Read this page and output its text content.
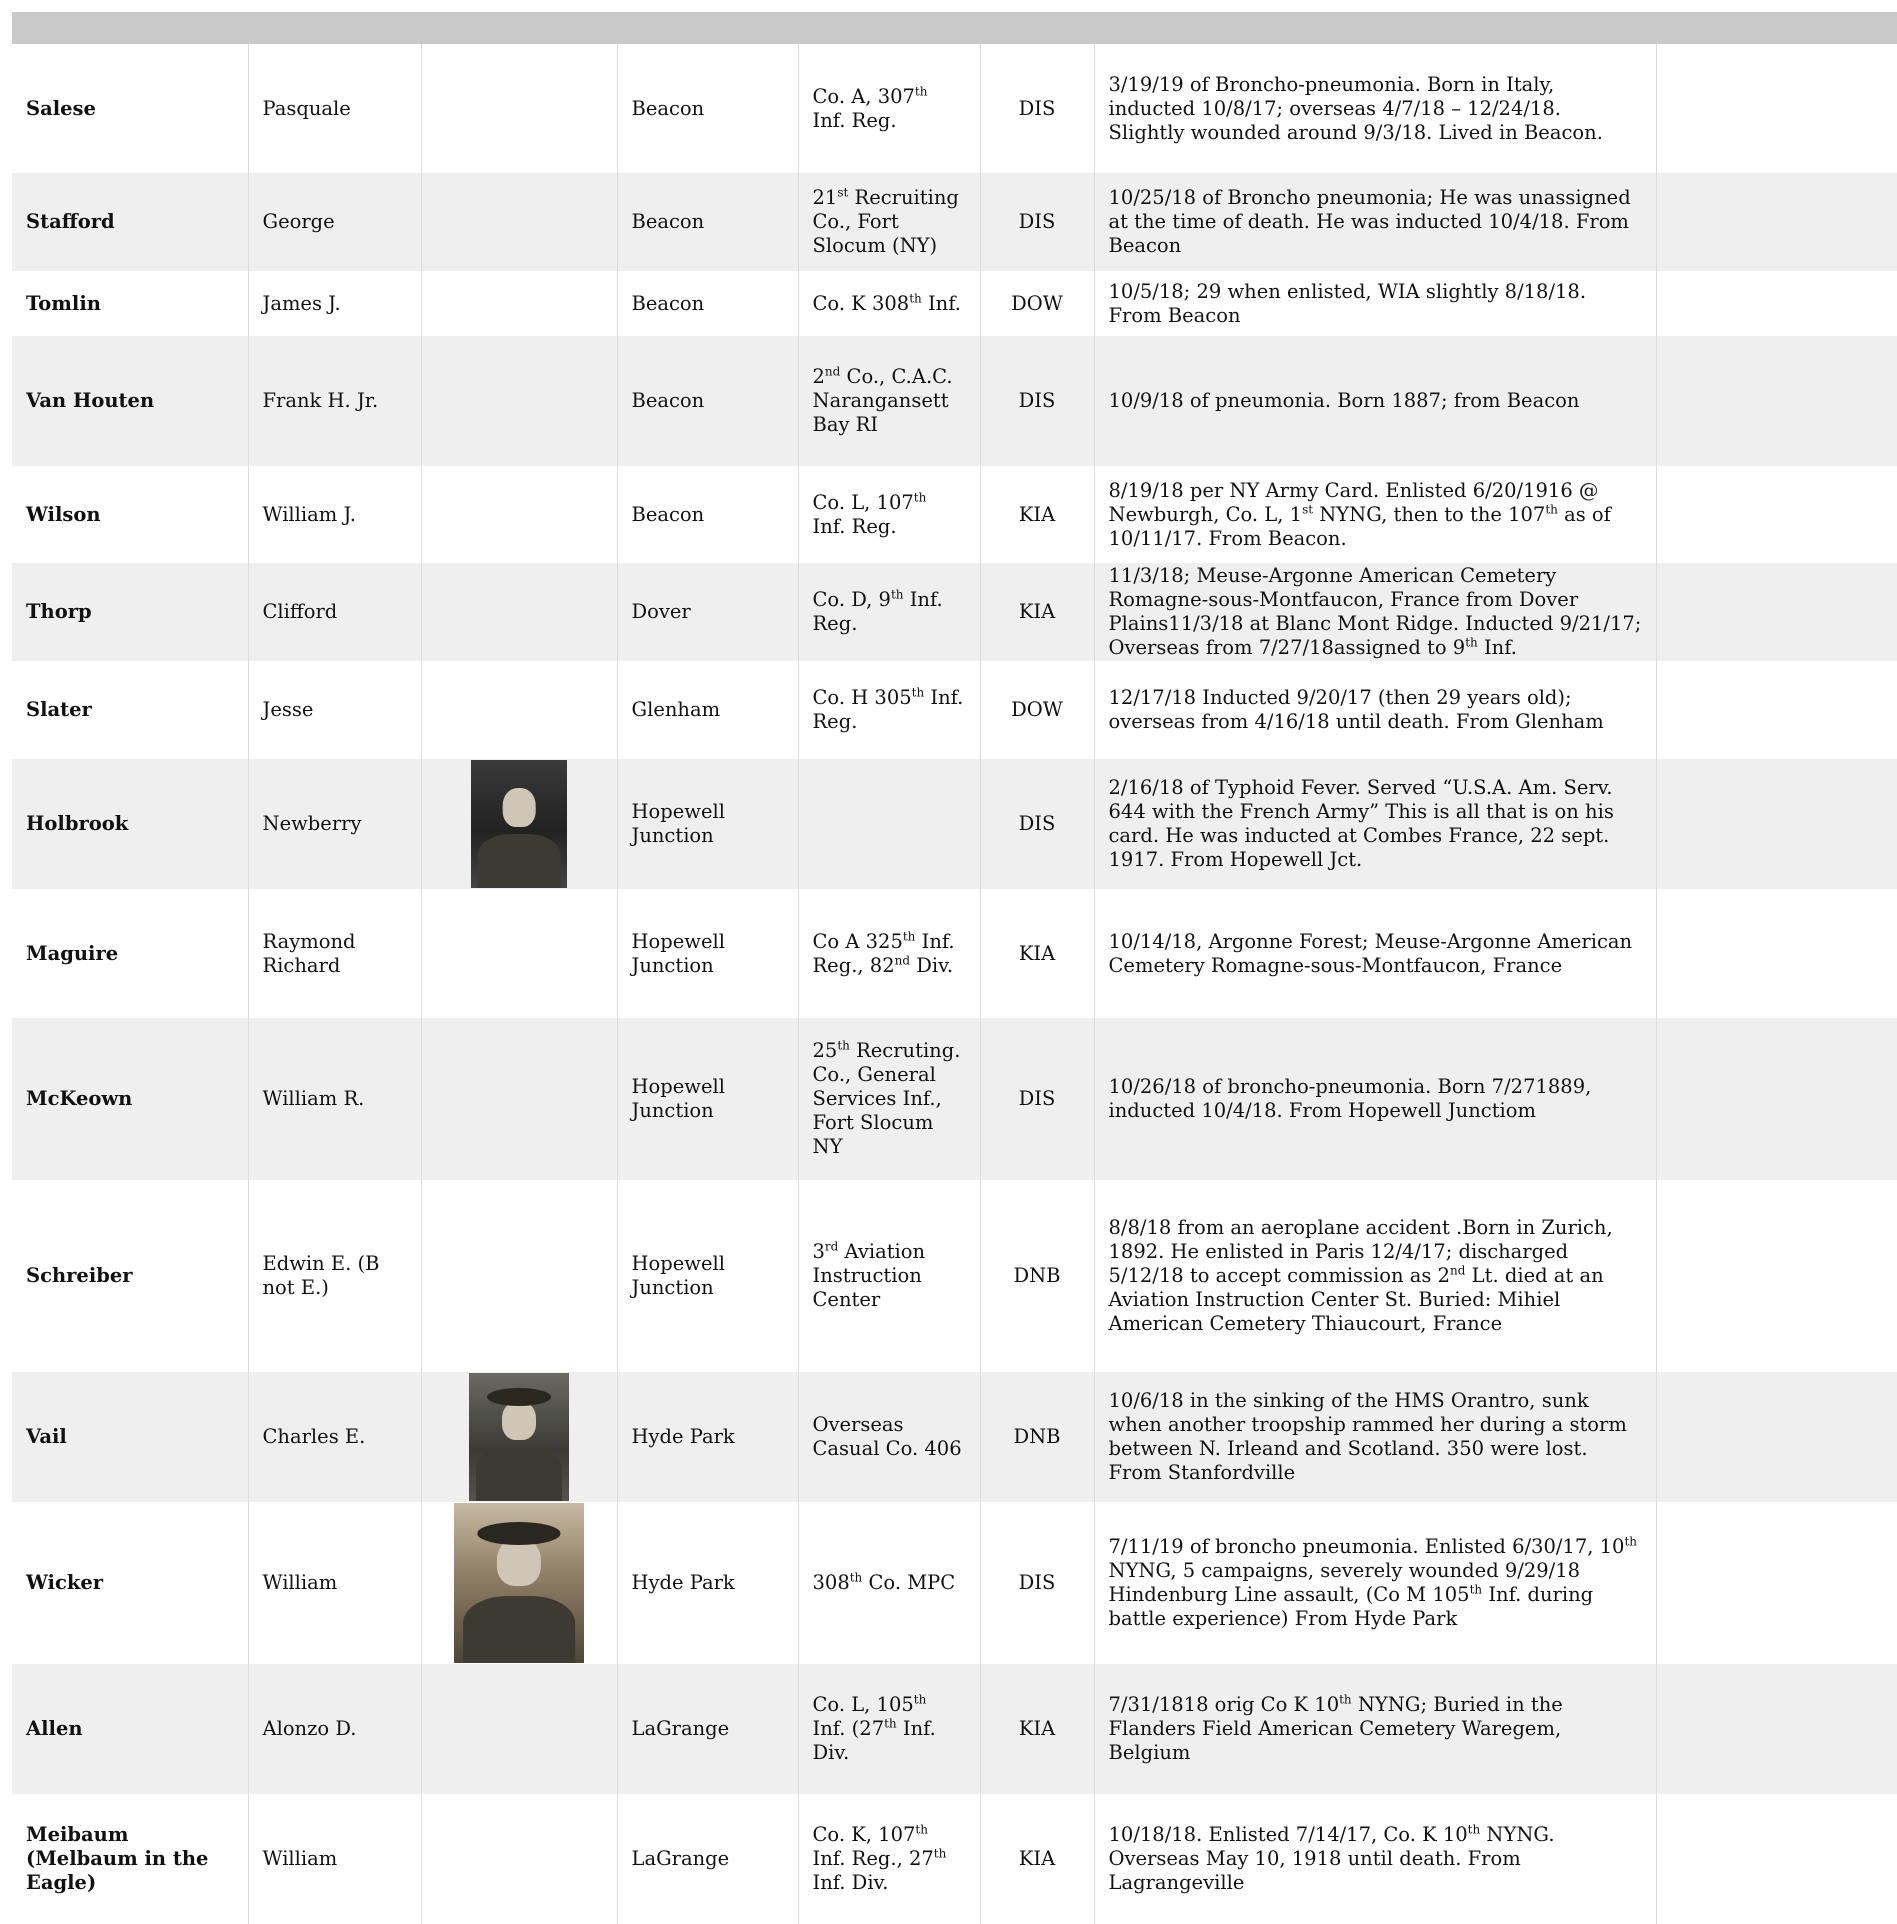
Salese	Pasquale		Beacon	Co. A, 307th Inf. Reg.	DIS	3/19/19 of Broncho-pneumonia. Born in Italy, inducted 10/8/17; overseas 4/7/18 – 12/24/18. Slightly wounded around 9/3/18. Lived in Beacon.	
Stafford	George		Beacon	21st Recruiting Co., Fort Slocum (NY)	DIS	10/25/18 of Broncho pneumonia; He was unassigned at the time of death. He was inducted 10/4/18. From Beacon	
Tomlin	James J.		Beacon	Co. K 308th Inf.	DOW	10/5/18; 29 when enlisted, WIA slightly 8/18/18. From Beacon	
Van Houten	Frank H. Jr.		Beacon	2nd Co., C.A.C. Narangansett Bay RI	DIS	10/9/18 of pneumonia. Born 1887; from Beacon	
Wilson	William J.		Beacon	Co. L, 107th Inf. Reg.	KIA	8/19/18 per NY Army Card. Enlisted 6/20/1916 @ Newburgh, Co. L, 1st NYNG, then to the 107th as of 10/11/17. From Beacon.	
Thorp	Clifford		Dover	Co. D, 9th Inf. Reg.	KIA	11/3/18; Meuse-Argonne American Cemetery Romagne-sous-Montfaucon, France from Dover Plains11/3/18 at Blanc Mont Ridge. Inducted 9/21/17; Overseas from 7/27/18assigned to 9th Inf.	
Slater	Jesse		Glenham	Co. H 305th Inf. Reg.	DOW	12/17/18 Inducted 9/20/17 (then 29 years old); overseas from 4/16/18 until death. From Glenham	
Holbrook	Newberry		Hopewell Junction		DIS	2/16/18 of Typhoid Fever. Served “U.S.A. Am. Serv. 644 with the French Army” This is all that is on his card. He was inducted at Combes France, 22 sept. 1917. From Hopewell Jct.	
Maguire	Raymond Richard		Hopewell Junction	Co A 325th Inf. Reg., 82nd Div.	KIA	10/14/18, Argonne Forest; Meuse-Argonne American Cemetery Romagne-sous-Montfaucon, France	
McKeown	William R.		Hopewell Junction	25th Recruting. Co., General Services Inf., Fort Slocum NY	DIS	10/26/18 of broncho-pneumonia. Born 7/271889, inducted 10/4/18. From Hopewell Junctiom	
Schreiber	Edwin E. (B not E.)		Hopewell Junction	3rd Aviation Instruction Center	DNB	8/8/18 from an aeroplane accident .Born in Zurich, 1892. He enlisted in Paris 12/4/17; discharged 5/12/18 to accept commission as 2nd Lt. died at an Aviation Instruction Center St. Buried: Mihiel American Cemetery Thiaucourt, France	
Vail	Charles E.		Hyde Park	Overseas Casual Co. 406	DNB	10/6/18 in the sinking of the HMS Orantro, sunk when another troopship rammed her during a storm between N. Irleand and Scotland. 350 were lost. From Stanfordville	
Wicker	William		Hyde Park	308th Co. MPC	DIS	7/11/19 of broncho pneumonia. Enlisted 6/30/17, 10th NYNG, 5 campaigns, severely wounded 9/29/18 Hindenburg Line assault, (Co M 105th Inf. during battle experience) From Hyde Park	
Allen	Alonzo D.		LaGrange	Co. L, 105th Inf. (27th Inf. Div.	KIA	7/31/1818 orig Co K 10th NYNG; Buried in the Flanders Field American Cemetery Waregem, Belgium	
Meibaum (Melbaum in the Eagle)	William		LaGrange	Co. K, 107th Inf. Reg., 27th Inf. Div.	KIA	10/18/18. Enlisted 7/14/17, Co. K 10th NYNG. Overseas May 10, 1918 until death. From Lagrangeville	
